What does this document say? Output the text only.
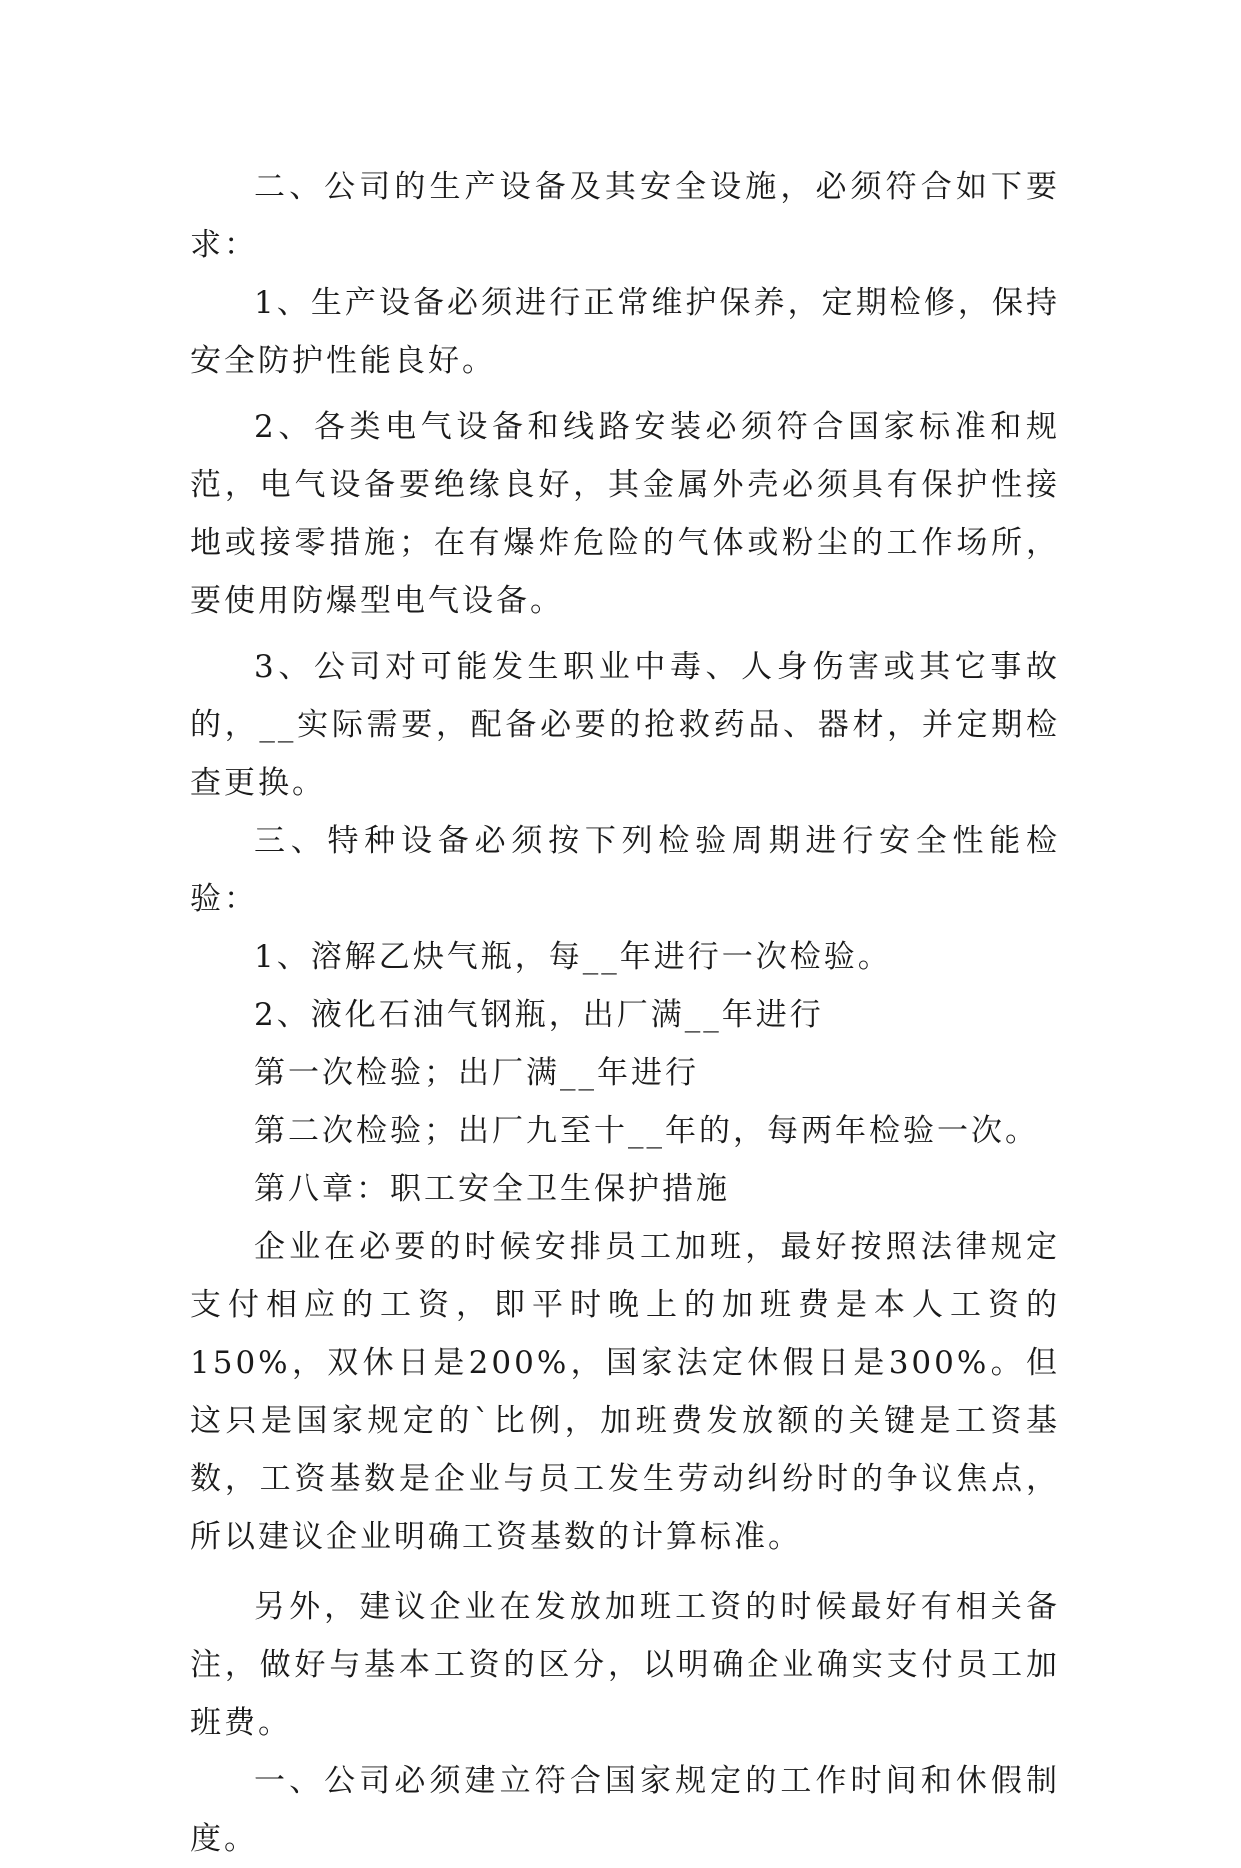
二、公司的生产设备及其安全设施，必须符合如下要求：

1、生产设备必须进行正常维护保养，定期检修，保持安全防护性能良好。

2、各类电气设备和线路安装必须符合国家标准和规范，电气设备要绝缘良好，其金属外壳必须具有保护性接地或接零措施；在有爆炸危险的气体或粉尘的工作场所，要使用防爆型电气设备。

3、公司对可能发生职业中毒、人身伤害或其它事故的，__实际需要，配备必要的抢救药品、器材，并定期检查更换。

三、特种设备必须按下列检验周期进行安全性能检验：

1、溶解乙炔气瓶，每__年进行一次检验。

2、液化石油气钢瓶，出厂满__年进行

第一次检验；出厂满__年进行

第二次检验；出厂九至十__年的，每两年检验一次。

第八章：职工安全卫生保护措施

企业在必要的时候安排员工加班，最好按照法律规定支付相应的工资，即平时晚上的加班费是本人工资的150%，双休日是200%，国家法定休假日是300%。但这只是国家规定的`比例，加班费发放额的关键是工资基数，工资基数是企业与员工发生劳动纠纷时的争议焦点，所以建议企业明确工资基数的计算标准。

另外，建议企业在发放加班工资的时候最好有相关备注，做好与基本工资的区分，以明确企业确实支付员工加班费。

一、公司必须建立符合国家规定的工作时间和休假制度。
